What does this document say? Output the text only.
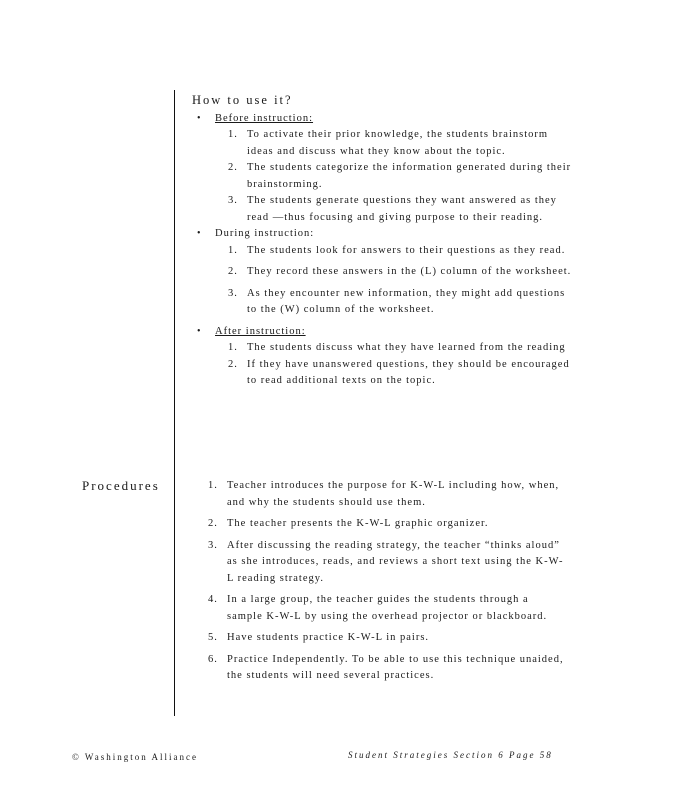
How to use it?
• Before instruction:
1. To activate their prior knowledge, the students brainstorm ideas and discuss what they know about the topic.
2. The students categorize the information generated during their brainstorming.
3. The students generate questions they want answered as they read —thus focusing and giving purpose to their reading.
• During instruction:
1. The students look for answers to their questions as they read.
2. They record these answers in the (L) column of the worksheet.
3. As they encounter new information, they might add questions to the (W) column of the worksheet.
• After instruction:
1. The students discuss what they have learned from the reading
2. If they have unanswered questions, they should be encouraged to read additional texts on the topic.
Procedures	1. Teacher introduces the purpose for K-W-L including how, when, and why the students should use them.
2. The teacher presents the K-W-L graphic organizer.
3. After discussing the reading strategy, the teacher “thinks aloud” as she introduces, reads, and reviews a short text using the K-W-L reading strategy.
4. In a large group, the teacher guides the students through a sample K-W-L by using the overhead projector or blackboard.
5. Have students practice K-W-L in pairs.
6. Practice Independently. To be able to use this technique unaided, the students will need several practices.
© Washington Alliance	Student Strategies Section 6 Page 58
